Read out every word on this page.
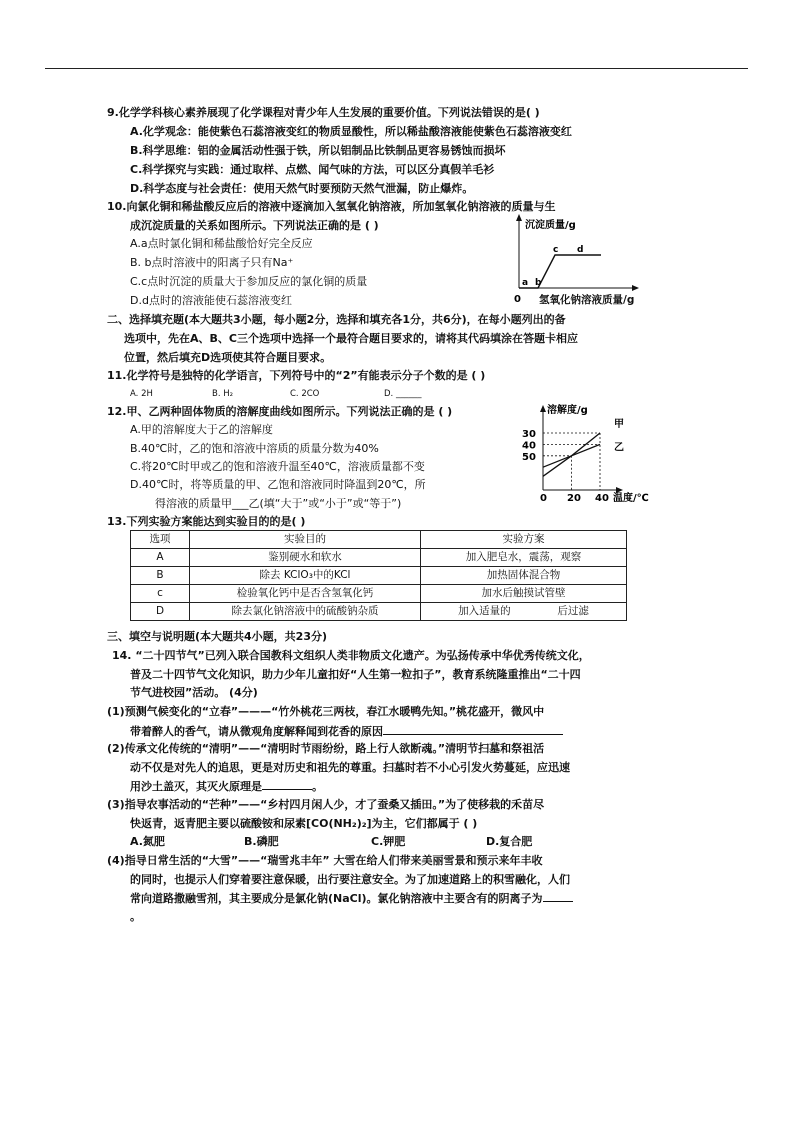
9.化学学科核心素养展现了化学课程对青少年人生发展的重要价值。下列说法错误的是( )
A.化学观念：能使紫色石蕊溶液变红的物质显酸性，所以稀盐酸溶液能使紫色石蕊溶液变红
B.科学思维：铝的金属活动性强于铁，所以铝制品比铁制品更容易锈蚀而损坏
C.科学探究与实践：通过取样、点燃、闻气味的方法，可以区分真假羊毛衫
D.科学态度与社会责任：使用天然气时要预防天然气泄漏，防止爆炸。
10.向氯化铜和稀盐酸反应后的溶液中逐滴加入氢氧化钠溶液，所加氢氧化钠溶液的质量与生
成沉淀质量的关系如图所示。下列说法正确的是 ( )
A.a点时氯化铜和稀盐酸恰好完全反应
B. b点时溶液中的阳离子只有Na⁺
C.c点时沉淀的质量大于参加反应的氯化铜的质量
D.d点时的溶液能使石蕊溶液变红
沉淀质量/g
0
a b
c d
氢氧化钠溶液质量/g
二、选择填充题(本大题共3小题，每小题2分，选择和填充各1分，共6分)，在每小题列出的备
选项中，先在A、B、C三个选项中选择一个最符合题目要求的，请将其代码填涂在答题卡相应
位置，然后填充D选项使其符合题目要求。
11.化学符号是独特的化学语言，下列符号中的“2”有能表示分子个数的是 ( )
A. 2H	B. H₂	C. 2CO	D. ______
12.甲、乙两种固体物质的溶解度曲线如图所示。下列说法正确的是 ( )
A.甲的溶解度大于乙的溶解度
B.40℃时，乙的饱和溶液中溶质的质量分数为40%
C.将20℃时甲或乙的饱和溶液升温至40℃，溶液质量都不变
D.40℃时，将等质量的甲、乙饱和溶液同时降温到20℃，所
得溶液的质量甲___乙(填“大于”或“小于”或“等于”)
溶解度/g
0 20 40 温度/℃
50
40
30
甲
乙
13.下列实验方案能达到实验目的的是( )
选项	实验目的	实验方案
A	鉴别硬水和软水	加入肥皂水，震荡，观察
B	除去 KClO₃中的KCl	加热固体混合物
c	检验氧化钙中是否含氢氧化钙	加水后触摸试管壁
D	除去氯化钠溶液中的硫酸钠杂质	加入适量的              后过滤
三、填空与说明题(本大题共4小题，共23分)
14. “二十四节气”已列入联合国教科文组织人类非物质文化遗产。为弘扬传承中华优秀传统文化，
普及二十四节气文化知识，助力少年儿童扣好“人生第一粒扣子”，教育系统隆重推出“二十四
节气进校园”活动。 (4分)
(1)预测气候变化的“立春”———“竹外桃花三两枝，春江水暖鸭先知。”桃花盛开，微风中
带着醉人的香气，请从微观角度解释闻到花香的原因
(2)传承文化传统的“清明”——“清明时节雨纷纷，路上行人欲断魂。”清明节扫墓和祭祖活
动不仅是对先人的追思，更是对历史和祖先的尊重。扫墓时若不小心引发火势蔓延，应迅速
用沙土盖灭，其灭火原理是	。
(3)指导农事活动的“芒种”——“乡村四月闲人少，才了蚕桑又插田。”为了使移栽的禾苗尽
快返青，返青肥主要以硫酸铵和尿素[CO(NH₂)₂]为主，它们都属于 ( )
A.氮肥	B.磷肥	C.钾肥	D.复合肥
(4)指导日常生活的“大雪”——“瑞雪兆丰年” 大雪在给人们带来美丽雪景和预示来年丰收
的同时，也提示人们穿着要注意保暖，出行要注意安全。为了加速道路上的积雪融化，人们
常向道路撒融雪剂，其主要成分是氯化钠(NaCl)。氯化钠溶液中主要含有的阴离子为
。
